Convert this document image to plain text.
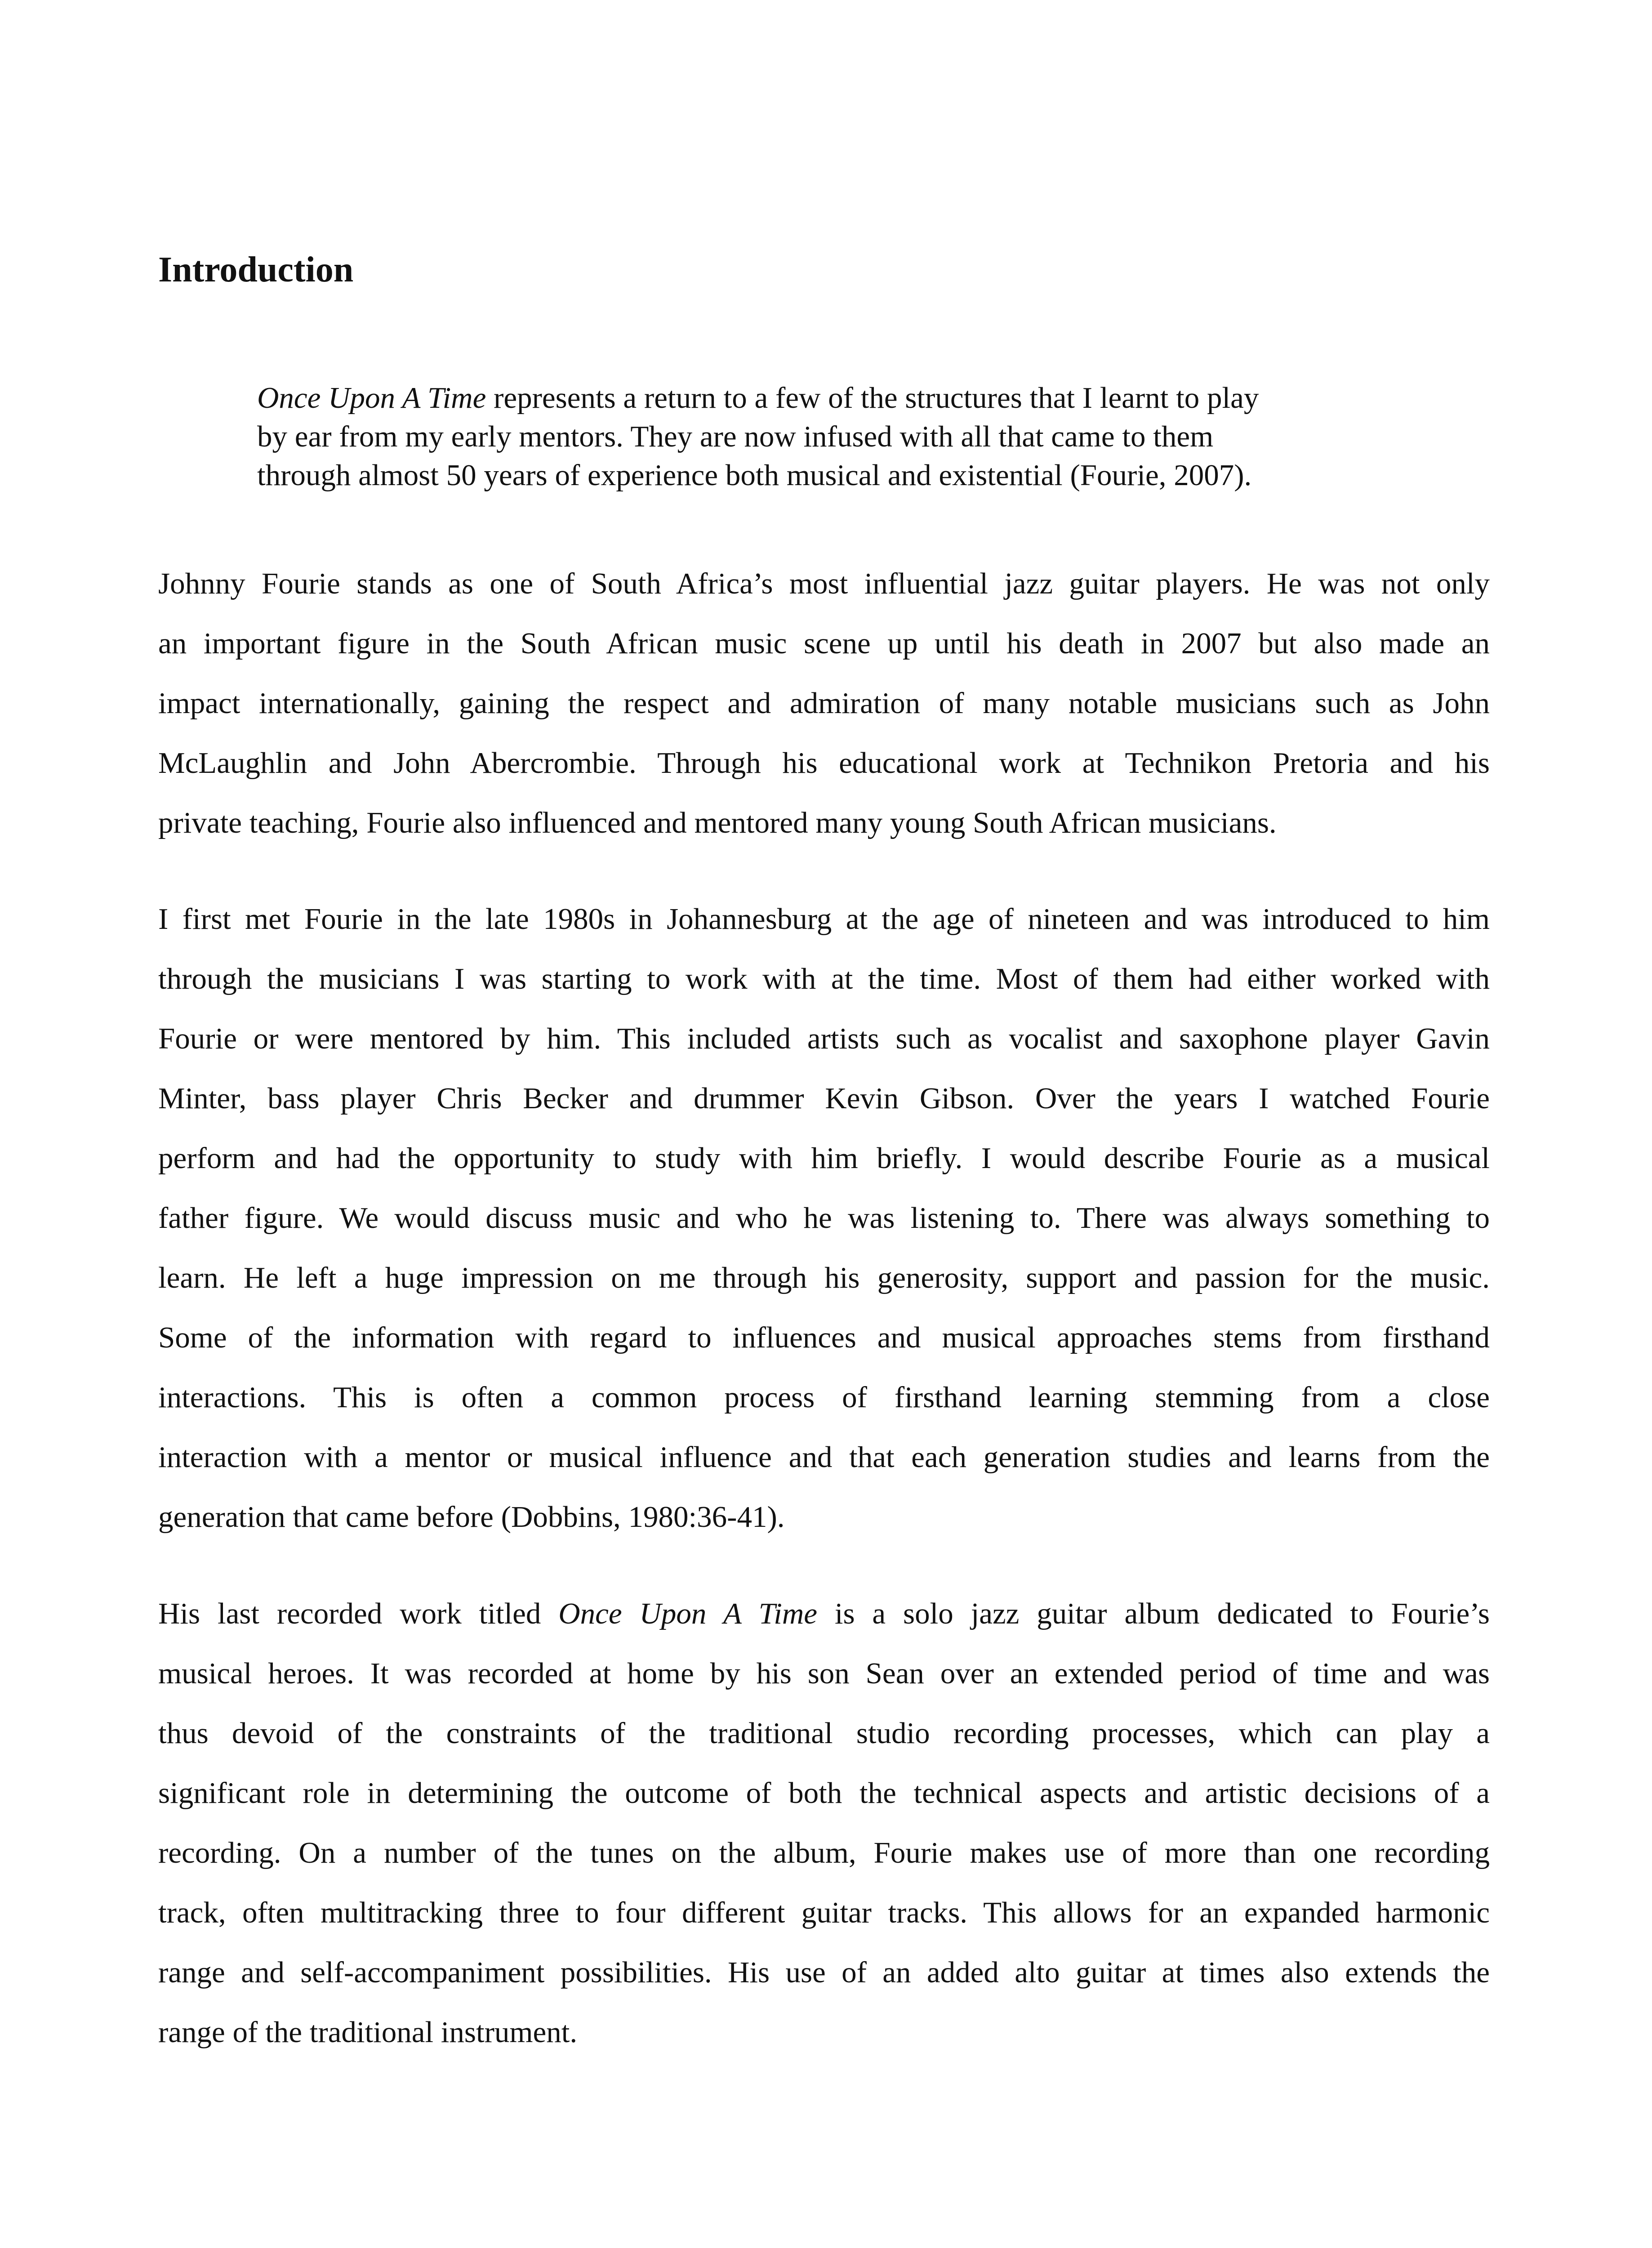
Introduction
Once Upon A Time represents a return to a few of the structures that I learnt to play
by ear from my early mentors. They are now infused with all that came to them
through almost 50 years of experience both musical and existential (Fourie, 2007).

Johnny Fourie stands as one of South Africa’s most influential jazz guitar players. He was not only
an important figure in the South African music scene up until his death in 2007 but also made an
impact internationally, gaining the respect and admiration of many notable musicians such as John
McLaughlin and John Abercrombie. Through his educational work at Technikon Pretoria and his
private teaching, Fourie also influenced and mentored many young South African musicians.

I first met Fourie in the late 1980s in Johannesburg at the age of nineteen and was introduced to him
through the musicians I was starting to work with at the time. Most of them had either worked with
Fourie or were mentored by him. This included artists such as vocalist and saxophone player Gavin
Minter, bass player Chris Becker and drummer Kevin Gibson. Over the years I watched Fourie
perform and had the opportunity to study with him briefly. I would describe Fourie as a musical
father figure. We would discuss music and who he was listening to. There was always something to
learn. He left a huge impression on me through his generosity, support and passion for the music.
Some of the information with regard to influences and musical approaches stems from firsthand
interactions. This is often a common process of firsthand learning stemming from a close
interaction with a mentor or musical influence and that each generation studies and learns from the
generation that came before (Dobbins, 1980:36-41).

His last recorded work titled Once Upon A Time is a solo jazz guitar album dedicated to Fourie’s
musical heroes. It was recorded at home by his son Sean over an extended period of time and was
thus devoid of the constraints of the traditional studio recording processes, which can play a
significant role in determining the outcome of both the technical aspects and artistic decisions of a
recording. On a number of the tunes on the album, Fourie makes use of more than one recording
track, often multitracking three to four different guitar tracks. This allows for an expanded harmonic
range and self-accompaniment possibilities. His use of an added alto guitar at times also extends the
range of the traditional instrument.
